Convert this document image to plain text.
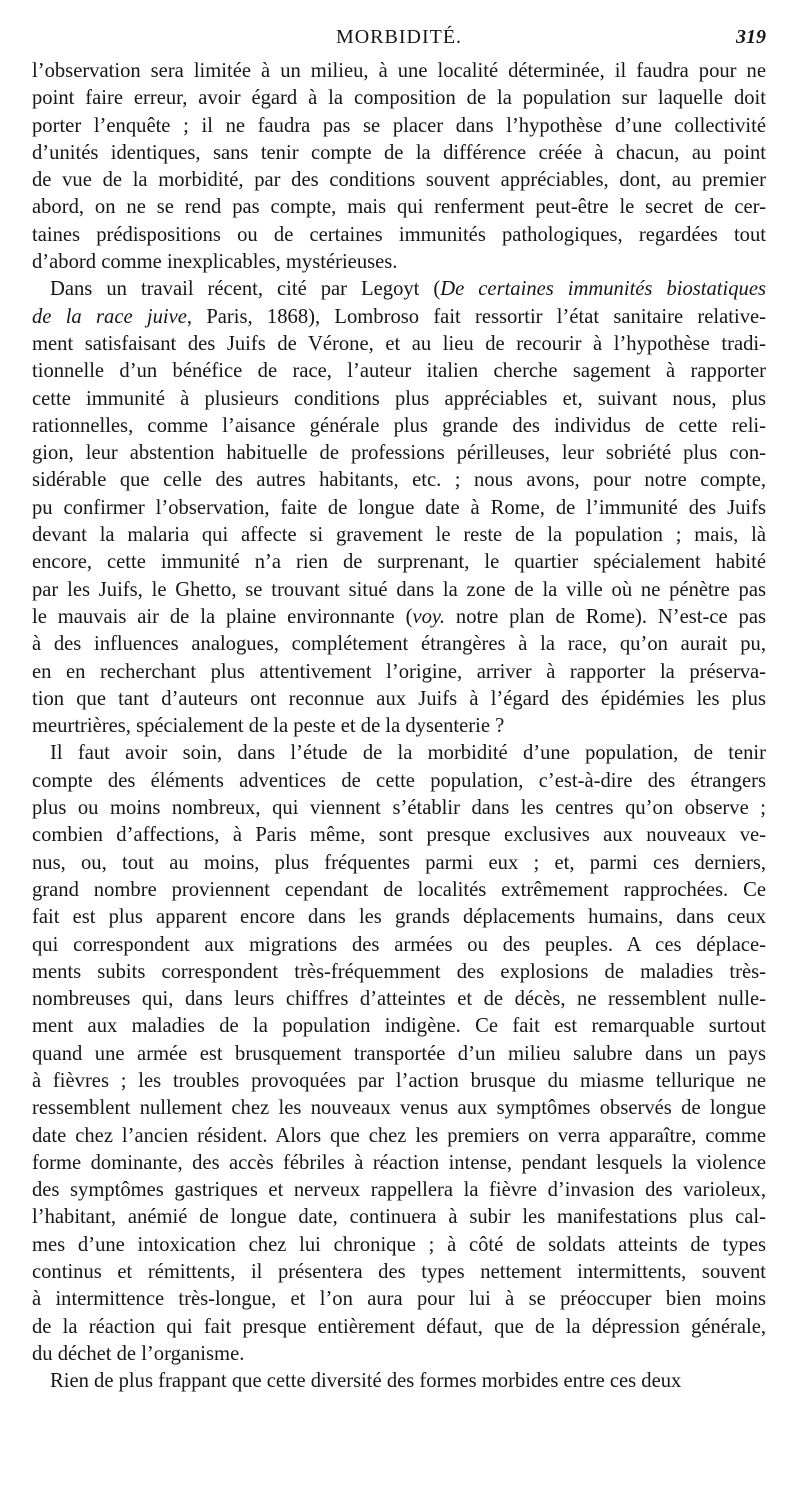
MORBIDITÉ.	319
l’observation sera limitée à un milieu, à une localité déterminée, il faudra pour ne
point faire erreur, avoir égard à la composition de la population sur laquelle doit
porter l’enquête ; il ne faudra pas se placer dans l’hypothèse d’une collectivité
d’unités identiques, sans tenir compte de la différence créée à chacun, au point
de vue de la morbidité, par des conditions souvent appréciables, dont, au premier
abord, on ne se rend pas compte, mais qui renferment peut-être le secret de cer-
taines prédispositions ou de certaines immunités pathologiques, regardées tout
d’abord comme inexplicables, mystérieuses.
Dans un travail récent, cité par Legoyt (De certaines immunités biostatiques
de la race juive, Paris, 1868), Lombroso fait ressortir l’état sanitaire relative-
ment satisfaisant des Juifs de Vérone, et au lieu de recourir à l’hypothèse tradi-
tionnelle d’un bénéfice de race, l’auteur italien cherche sagement à rapporter
cette immunité à plusieurs conditions plus appréciables et, suivant nous, plus
rationnelles, comme l’aisance générale plus grande des individus de cette reli-
gion, leur abstention habituelle de professions périlleuses, leur sobriété plus con-
sidérable que celle des autres habitants, etc. ; nous avons, pour notre compte,
pu confirmer l’observation, faite de longue date à Rome, de l’immunité des Juifs
devant la malaria qui affecte si gravement le reste de la population ; mais, là
encore, cette immunité n’a rien de surprenant, le quartier spécialement habité
par les Juifs, le Ghetto, se trouvant situé dans la zone de la ville où ne pénètre pas
le mauvais air de la plaine environnante (voy. notre plan de Rome). N’est-ce pas
à des influences analogues, complétement étrangères à la race, qu’on aurait pu,
en en recherchant plus attentivement l’origine, arriver à rapporter la préserva-
tion que tant d’auteurs ont reconnue aux Juifs à l’égard des épidémies les plus
meurtrières, spécialement de la peste et de la dysenterie ?
Il faut avoir soin, dans l’étude de la morbidité d’une population, de tenir
compte des éléments adventices de cette population, c’est-à-dire des étrangers
plus ou moins nombreux, qui viennent s’établir dans les centres qu’on observe ;
combien d’affections, à Paris même, sont presque exclusives aux nouveaux ve-
nus, ou, tout au moins, plus fréquentes parmi eux ; et, parmi ces derniers,
grand nombre proviennent cependant de localités extrêmement rapprochées. Ce
fait est plus apparent encore dans les grands déplacements humains, dans ceux
qui correspondent aux migrations des armées ou des peuples. A ces déplace-
ments subits correspondent très-fréquemment des explosions de maladies très-
nombreuses qui, dans leurs chiffres d’atteintes et de décès, ne ressemblent nulle-
ment aux maladies de la population indigène. Ce fait est remarquable surtout
quand une armée est brusquement transportée d’un milieu salubre dans un pays
à fièvres ; les troubles provoquées par l’action brusque du miasme tellurique ne
ressemblent nullement chez les nouveaux venus aux symptômes observés de longue
date chez l’ancien résident. Alors que chez les premiers on verra apparaître, comme
forme dominante, des accès fébriles à réaction intense, pendant lesquels la violence
des symptômes gastriques et nerveux rappellera la fièvre d’invasion des varioleux,
l’habitant, anémié de longue date, continuera à subir les manifestations plus cal-
mes d’une intoxication chez lui chronique ; à côté de soldats atteints de types
continus et rémittents, il présentera des types nettement intermittents, souvent
à intermittence très-longue, et l’on aura pour lui à se préoccuper bien moins
de la réaction qui fait presque entièrement défaut, que de la dépression générale,
du déchet de l’organisme.
Rien de plus frappant que cette diversité des formes morbides entre ces deux
